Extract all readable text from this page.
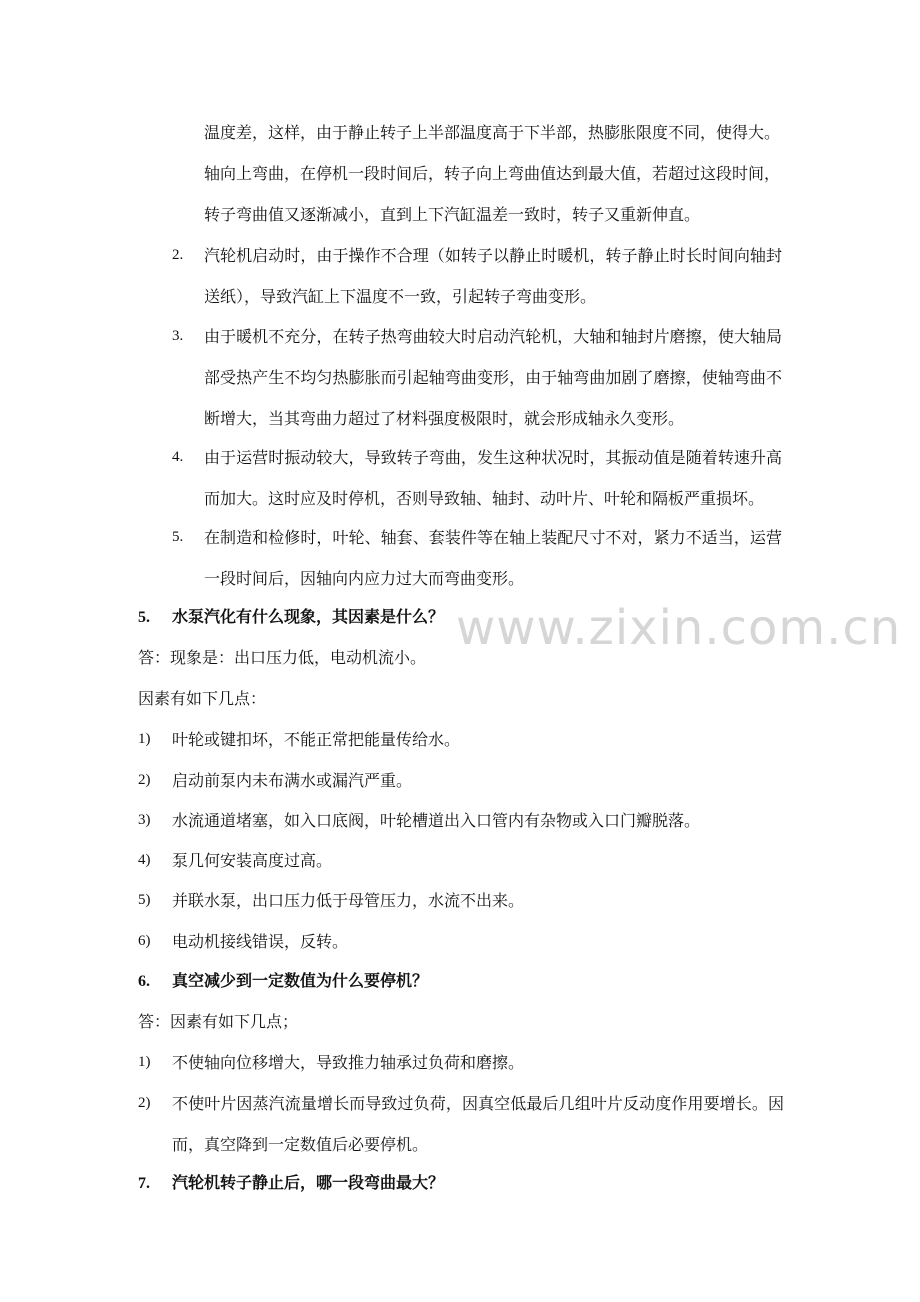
www.zixin.com.cn
温度差，这样，由于静止转子上半部温度高于下半部，热膨胀限度不同，使得大。
轴向上弯曲，在停机一段时间后，转子向上弯曲值达到最大值，若超过这段时间，
转子弯曲值又逐渐减小，直到上下汽缸温差一致时，转子又重新伸直。
2. 汽轮机启动时，由于操作不合理（如转子以静止时暖机，转子静止时长时间向轴封送纸），导致汽缸上下温度不一致，引起转子弯曲变形。
3. 由于暖机不充分，在转子热弯曲较大时启动汽轮机，大轴和轴封片磨擦，使大轴局部受热产生不均匀热膨胀而引起轴弯曲变形，由于轴弯曲加剧了磨擦，使轴弯曲不断增大，当其弯曲力超过了材料强度极限时，就会形成轴永久变形。
4. 由于运营时振动较大，导致转子弯曲，发生这种状况时，其振动值是随着转速升高而加大。这时应及时停机，否则导致轴、轴封、动叶片、叶轮和隔板严重损坏。
5. 在制造和检修时，叶轮、轴套、套装件等在轴上装配尺寸不对，紧力不适当，运营一段时间后，因轴向内应力过大而弯曲变形。
5. 水泵汽化有什么现象，其因素是什么？
答：现象是：出口压力低，电动机流小。
因素有如下几点：
1) 叶轮或键扣坏，不能正常把能量传给水。
2) 启动前泵内未布满水或漏汽严重。
3) 水流通道堵塞，如入口底阀，叶轮槽道出入口管内有杂物或入口门瓣脱落。
4) 泵几何安装高度过高。
5) 并联水泵，出口压力低于母管压力，水流不出来。
6) 电动机接线错误，反转。
6. 真空减少到一定数值为什么要停机？
答：因素有如下几点；
1) 不使轴向位移增大，导致推力轴承过负荷和磨擦。
2) 不使叶片因蒸汽流量增长而导致过负荷，因真空低最后几组叶片反动度作用要增长。因而，真空降到一定数值后必要停机。
7. 汽轮机转子静止后，哪一段弯曲最大？
